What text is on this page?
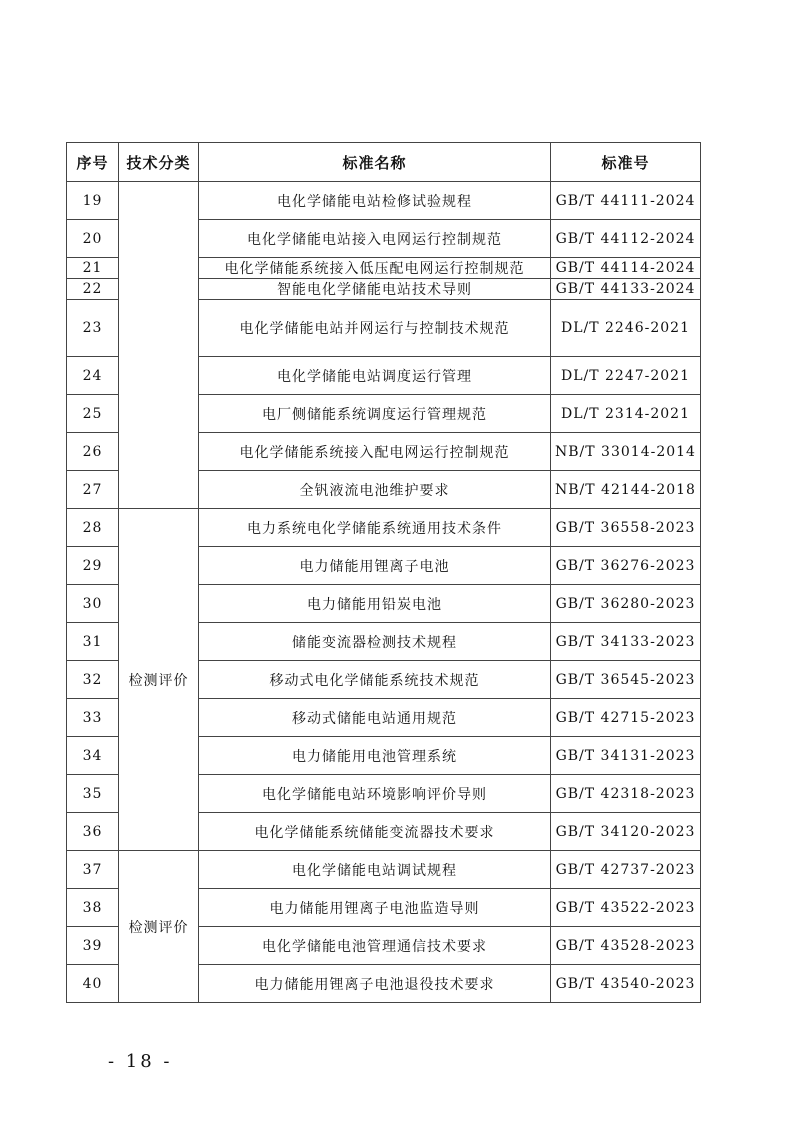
序号	技术分类	标准名称	标准号
19		电化学储能电站检修试验规程	GB/T 44111-2024
20		电化学储能电站接入电网运行控制规范	GB/T 44112-2024
21		电化学储能系统接入低压配电网运行控制规范	GB/T 44114-2024
22		智能电化学储能电站技术导则	GB/T 44133-2024
23		电化学储能电站并网运行与控制技术规范	DL/T 2246-2021
24		电化学储能电站调度运行管理	DL/T 2247-2021
25		电厂侧储能系统调度运行管理规范	DL/T 2314-2021
26		电化学储能系统接入配电网运行控制规范	NB/T 33014-2014
27		全钒液流电池维护要求	NB/T 42144-2018
28	检测评价	电力系统电化学储能系统通用技术条件	GB/T 36558-2023
29		电力储能用锂离子电池	GB/T 36276-2023
30		电力储能用铅炭电池	GB/T 36280-2023
31		储能变流器检测技术规程	GB/T 34133-2023
32		移动式电化学储能系统技术规范	GB/T 36545-2023
33		移动式储能电站通用规范	GB/T 42715-2023
34		电力储能用电池管理系统	GB/T 34131-2023
35		电化学储能电站环境影响评价导则	GB/T 42318-2023
36		电化学储能系统储能变流器技术要求	GB/T 34120-2023
37	检测评价	电化学储能电站调试规程	GB/T 42737-2023
38		电力储能用锂离子电池监造导则	GB/T 43522-2023
39		电化学储能电池管理通信技术要求	GB/T 43528-2023
40		电力储能用锂离子电池退役技术要求	GB/T 43540-2023
- 18 -
